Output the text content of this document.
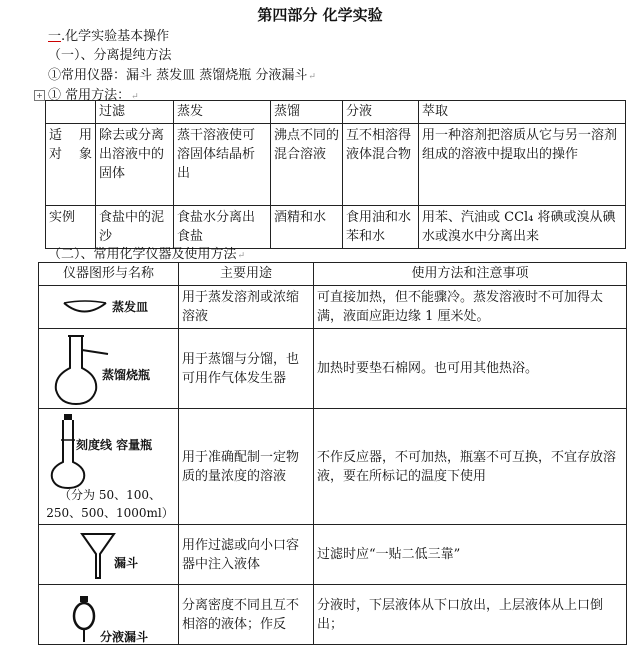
第四部分 化学实验
一.化学实验基本操作
（一）、分离提纯方法
①常用仪器：漏斗 蒸发皿 蒸馏烧瓶 分液漏斗↵
① 常用方法：↵
+
	过滤	蒸发	蒸馏	分液	萃取
适 用对象	除去或分离出溶液中的固体	蒸干溶液使可溶固体结晶析出	沸点不同的混合溶液	互不相溶得液体混合物	用一种溶剂把溶质从它与另一溶剂组成的溶液中提取出的操作
实例	食盐中的泥沙	食盐水分离出食盐	酒精和水	食用油和水 苯和水	用苯、汽油或 CCl₄ 将碘或溴从碘水或溴水中分离出来
（二）、常用化学仪器及使用方法↵
仪器图形与名称	主要用途	使用方法和注意事项

蒸发皿	用于蒸发溶剂或浓缩溶液	可直接加热，但不能骤冷。蒸发溶液时不可加得太满，液面应距边缘 1 厘米处。

蒸馏烧瓶	用于蒸馏与分馏，也可用作气体发生器	加热时要垫石棉网。也可用其他热浴。

刻度线 容量瓶
（分为 50、100、250、500、1000ml）	用于准确配制一定物质的量浓度的溶液	不作反应器，不可加热，瓶塞不可互换，不宜存放溶液，要在所标记的温度下使用

漏斗	用作过滤或向小口容器中注入液体	过滤时应“一贴二低三靠”

分液漏斗	分离密度不同且互不相溶的液体；作反	分液时，下层液体从下口放出，上层液体从上口倒出；
